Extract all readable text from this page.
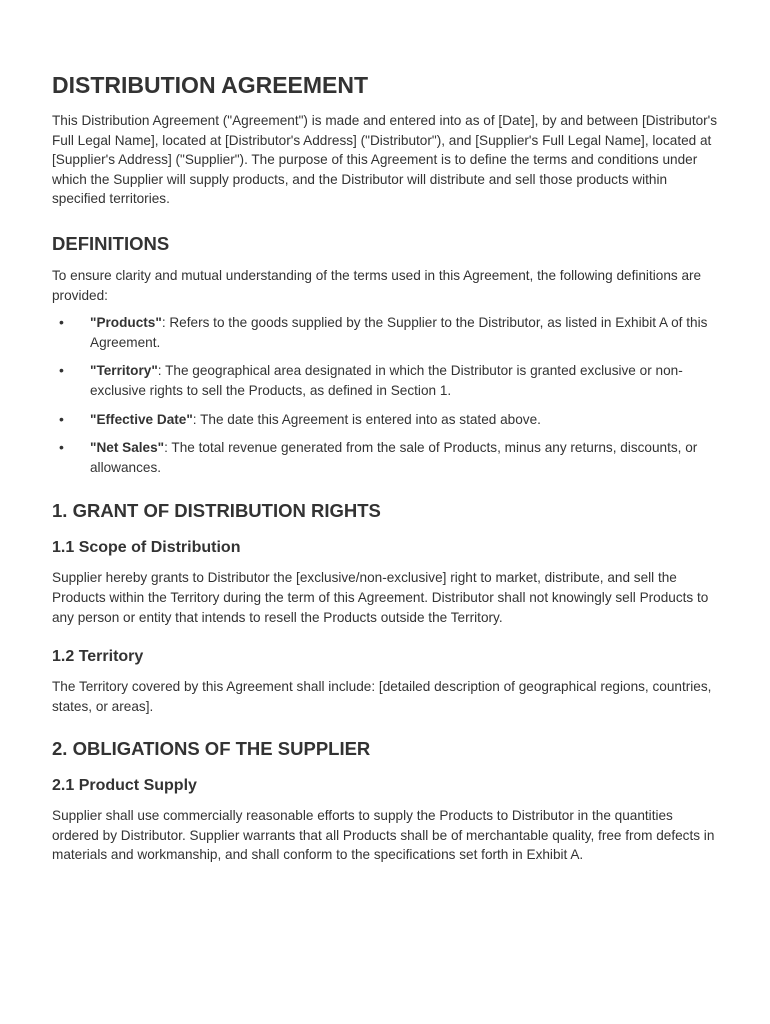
DISTRIBUTION AGREEMENT

This Distribution Agreement ("Agreement") is made and entered into as of [Date], by and between [Distributor's Full Legal Name], located at [Distributor's Address] ("Distributor"), and [Supplier's Full Legal Name], located at [Supplier's Address] ("Supplier"). The purpose of this Agreement is to define the terms and conditions under which the Supplier will supply products, and the Distributor will distribute and sell those products within specified territories.

DEFINITIONS

To ensure clarity and mutual understanding of the terms used in this Agreement, the following definitions are provided:

• "Products": Refers to the goods supplied by the Supplier to the Distributor, as listed in Exhibit A of this Agreement.
• "Territory": The geographical area designated in which the Distributor is granted exclusive or non-exclusive rights to sell the Products, as defined in Section 1.
• "Effective Date": The date this Agreement is entered into as stated above.
• "Net Sales": The total revenue generated from the sale of Products, minus any returns, discounts, or allowances.
1. GRANT OF DISTRIBUTION RIGHTS
1.1 Scope of Distribution

Supplier hereby grants to Distributor the [exclusive/non-exclusive] right to market, distribute, and sell the Products within the Territory during the term of this Agreement. Distributor shall not knowingly sell Products to any person or entity that intends to resell the Products outside the Territory.

1.2 Territory

The Territory covered by this Agreement shall include: [detailed description of geographical regions, countries, states, or areas].

2. OBLIGATIONS OF THE SUPPLIER
2.1 Product Supply

Supplier shall use commercially reasonable efforts to supply the Products to Distributor in the quantities ordered by Distributor. Supplier warrants that all Products shall be of merchantable quality, free from defects in materials and workmanship, and shall conform to the specifications set forth in Exhibit A.
